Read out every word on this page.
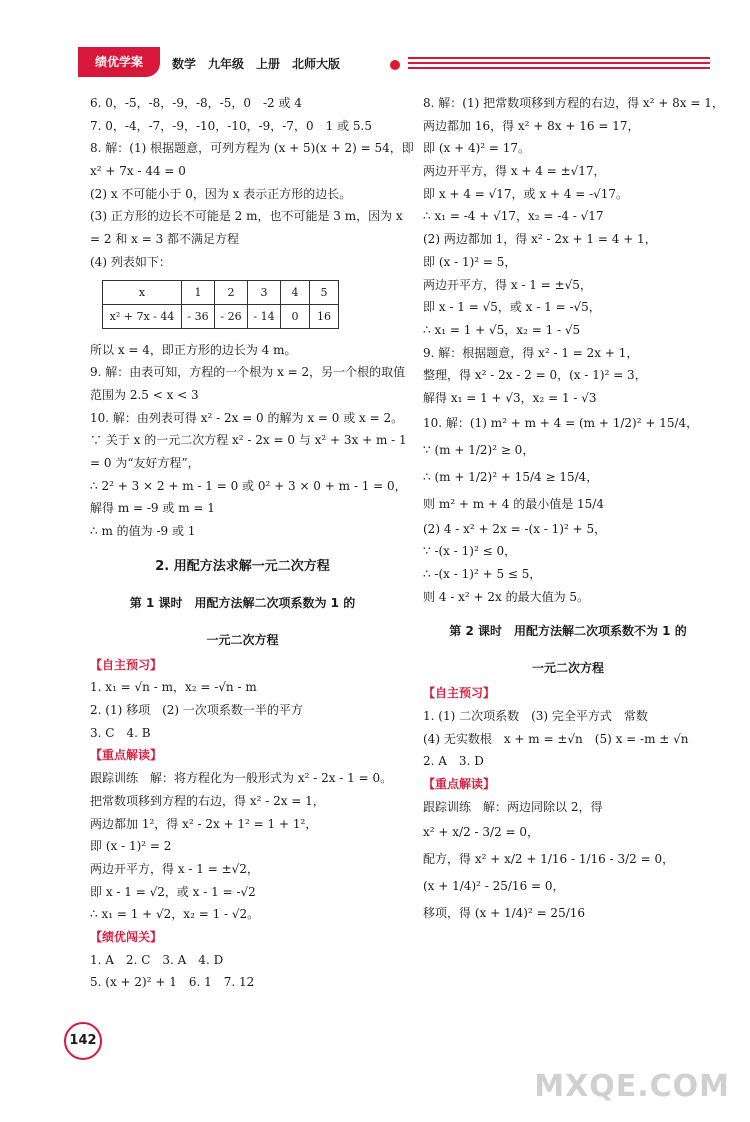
绩优学案	数学　九年级　上册　北师大版
6. 0，-5，-8，-9，-8，-5，0　-2 或 4
7. 0，-4，-7，-9，-10，-10，-9，-7，0　1 或 5.5
8. 解：(1) 根据题意，可列方程为 (x + 5)(x + 2) = 54，即
x² + 7x - 44 = 0
(2) x 不可能小于 0，因为 x 表示正方形的边长。
(3) 正方形的边长不可能是 2 m，也不可能是 3 m，因为 x
= 2 和 x = 3 都不满足方程
(4) 列表如下：
x	1	2	3	4	5
x² + 7x - 44	- 36	- 26	- 14	0	16
所以 x = 4，即正方形的边长为 4 m。
9. 解：由表可知，方程的一个根为 x = 2，另一个根的取值
范围为 2.5 < x < 3
10. 解：由列表可得 x² - 2x = 0 的解为 x = 0 或 x = 2。
∵ 关于 x 的一元二次方程 x² - 2x = 0 与 x² + 3x + m - 1
= 0 为“友好方程”，
∴ 2² + 3 × 2 + m - 1 = 0 或 0² + 3 × 0 + m - 1 = 0，
解得 m = -9 或 m = 1
∴ m 的值为 -9 或 1
2. 用配方法求解一元二次方程
第 1 课时　用配方法解二次项系数为 1 的
一元二次方程
【自主预习】
1. x₁ = √n - m，x₂ = -√n - m
2. (1) 移项　(2) 一次项系数一半的平方
3. C　4. B
【重点解读】
跟踪训练　解：将方程化为一般形式为 x² - 2x - 1 = 0。
把常数项移到方程的右边，得 x² - 2x = 1，
两边都加 1²，得 x² - 2x + 1² = 1 + 1²，
即 (x - 1)² = 2
两边开平方，得 x - 1 = ±√2，
即 x - 1 = √2，或 x - 1 = -√2
∴ x₁ = 1 + √2，x₂ = 1 - √2。
【绩优闯关】
1. A　2. C　3. A　4. D
5. (x + 2)² + 1　6. 1　7. 12
8. 解：(1) 把常数项移到方程的右边，得 x² + 8x = 1，
两边都加 16，得 x² + 8x + 16 = 17，
即 (x + 4)² = 17。
两边开平方，得 x + 4 = ±√17，
即 x + 4 = √17，或 x + 4 = -√17。
∴ x₁ = -4 + √17，x₂ = -4 - √17
(2) 两边都加 1，得 x² - 2x + 1 = 4 + 1，
即 (x - 1)² = 5，
两边开平方，得 x - 1 = ±√5，
即 x - 1 = √5，或 x - 1 = -√5，
∴ x₁ = 1 + √5，x₂ = 1 - √5
9. 解：根据题意，得 x² - 1 = 2x + 1，
整理，得 x² - 2x - 2 = 0，(x - 1)² = 3，
解得 x₁ = 1 + √3，x₂ = 1 - √3
10. 解：(1) m² + m + 4 = (m + 1/2)² + 15/4，
∵ (m + 1/2)² ≥ 0，
∴ (m + 1/2)² + 15/4 ≥ 15/4，
则 m² + m + 4 的最小值是 15/4
(2) 4 - x² + 2x = -(x - 1)² + 5，
∵ -(x - 1)² ≤ 0，
∴ -(x - 1)² + 5 ≤ 5，
则 4 - x² + 2x 的最大值为 5。
第 2 课时　用配方法解二次项系数不为 1 的
一元二次方程
【自主预习】
1. (1) 二次项系数　(3) 完全平方式　常数
(4) 无实数根　x + m = ±√n　(5) x = -m ± √n
2. A　3. D
【重点解读】
跟踪训练　解：两边同除以 2，得
x² + x/2 - 3/2 = 0，
配方，得 x² + x/2 + 1/16 - 1/16 - 3/2 = 0，
(x + 1/4)² - 25/16 = 0，
移项，得 (x + 1/4)² = 25/16
142
MXQE.COM
